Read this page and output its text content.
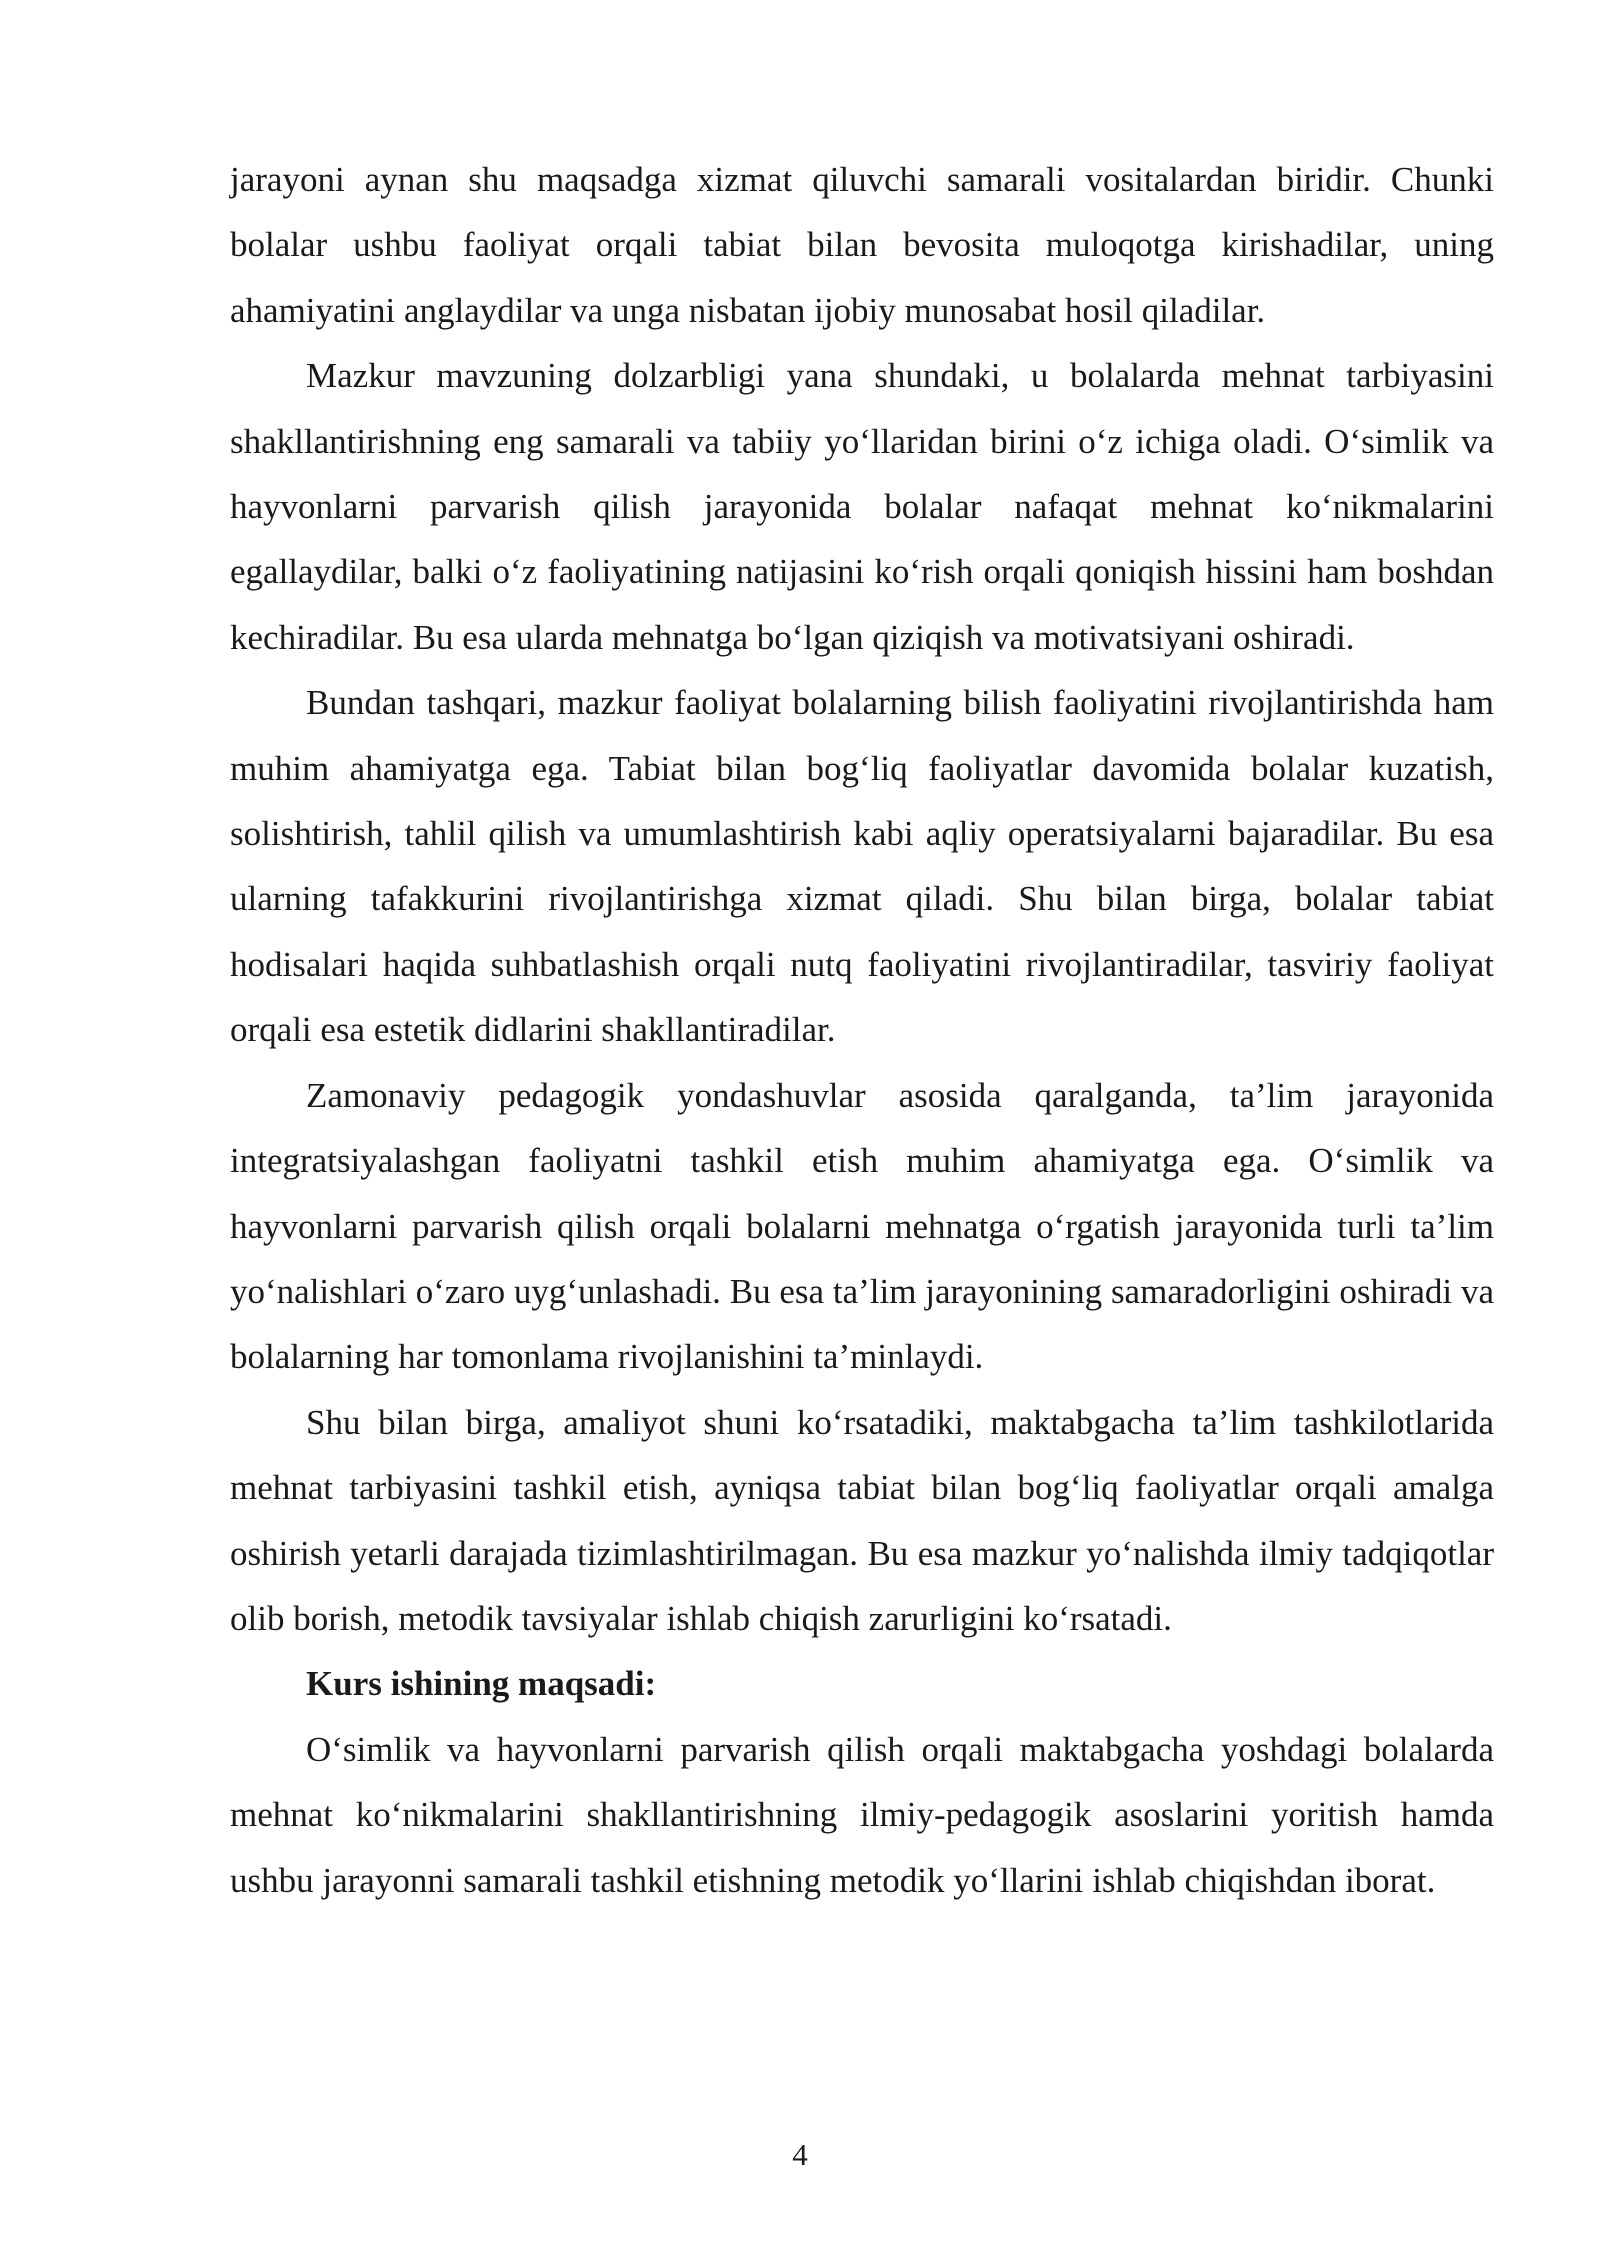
jarayoni aynan shu maqsadga xizmat qiluvchi samarali vositalardan biridir. Chunki bolalar ushbu faoliyat orqali tabiat bilan bevosita muloqotga kirishadilar, uning ahamiyatini anglaydilar va unga nisbatan ijobiy munosabat hosil qiladilar.

Mazkur mavzuning dolzarbligi yana shundaki, u bolalarda mehnat tarbiyasini shakllantirishning eng samarali va tabiiy yo‘llaridan birini o‘z ichiga oladi. O‘simlik va hayvonlarni parvarish qilish jarayonida bolalar nafaqat mehnat ko‘nikmalarini egallaydilar, balki o‘z faoliyatining natijasini ko‘rish orqali qoniqish hissini ham boshdan kechiradilar. Bu esa ularda mehnatga bo‘lgan qiziqish va motivatsiyani oshiradi.

Bundan tashqari, mazkur faoliyat bolalarning bilish faoliyatini rivojlantirishda ham muhim ahamiyatga ega. Tabiat bilan bog‘liq faoliyatlar davomida bolalar kuzatish, solishtirish, tahlil qilish va umumlashtirish kabi aqliy operatsiyalarni bajaradilar. Bu esa ularning tafakkurini rivojlantirishga xizmat qiladi. Shu bilan birga, bolalar tabiat hodisalari haqida suhbatlashish orqali nutq faoliyatini rivojlantiradilar, tasviriy faoliyat orqali esa estetik didlarini shakllantiradilar.

Zamonaviy pedagogik yondashuvlar asosida qaralganda, ta’lim jarayonida integratsiyalashgan faoliyatni tashkil etish muhim ahamiyatga ega. O‘simlik va hayvonlarni parvarish qilish orqali bolalarni mehnatga o‘rgatish jarayonida turli ta’lim yo‘nalishlari o‘zaro uyg‘unlashadi. Bu esa ta’lim jarayonining samaradorligini oshiradi va bolalarning har tomonlama rivojlanishini ta’minlaydi.

Shu bilan birga, amaliyot shuni ko‘rsatadiki, maktabgacha ta’lim tashkilotlarida mehnat tarbiyasini tashkil etish, ayniqsa tabiat bilan bog‘liq faoliyatlar orqali amalga oshirish yetarli darajada tizimlashtirilmagan. Bu esa mazkur yo‘nalishda ilmiy tadqiqotlar olib borish, metodik tavsiyalar ishlab chiqish zarurligini ko‘rsatadi.

Kurs ishining maqsadi:

O‘simlik va hayvonlarni parvarish qilish orqali maktabgacha yoshdagi bolalarda mehnat ko‘nikmalarini shakllantirishning ilmiy-pedagogik asoslarini yoritish hamda ushbu jarayonni samarali tashkil etishning metodik yo‘llarini ishlab chiqishdan iborat.

4
